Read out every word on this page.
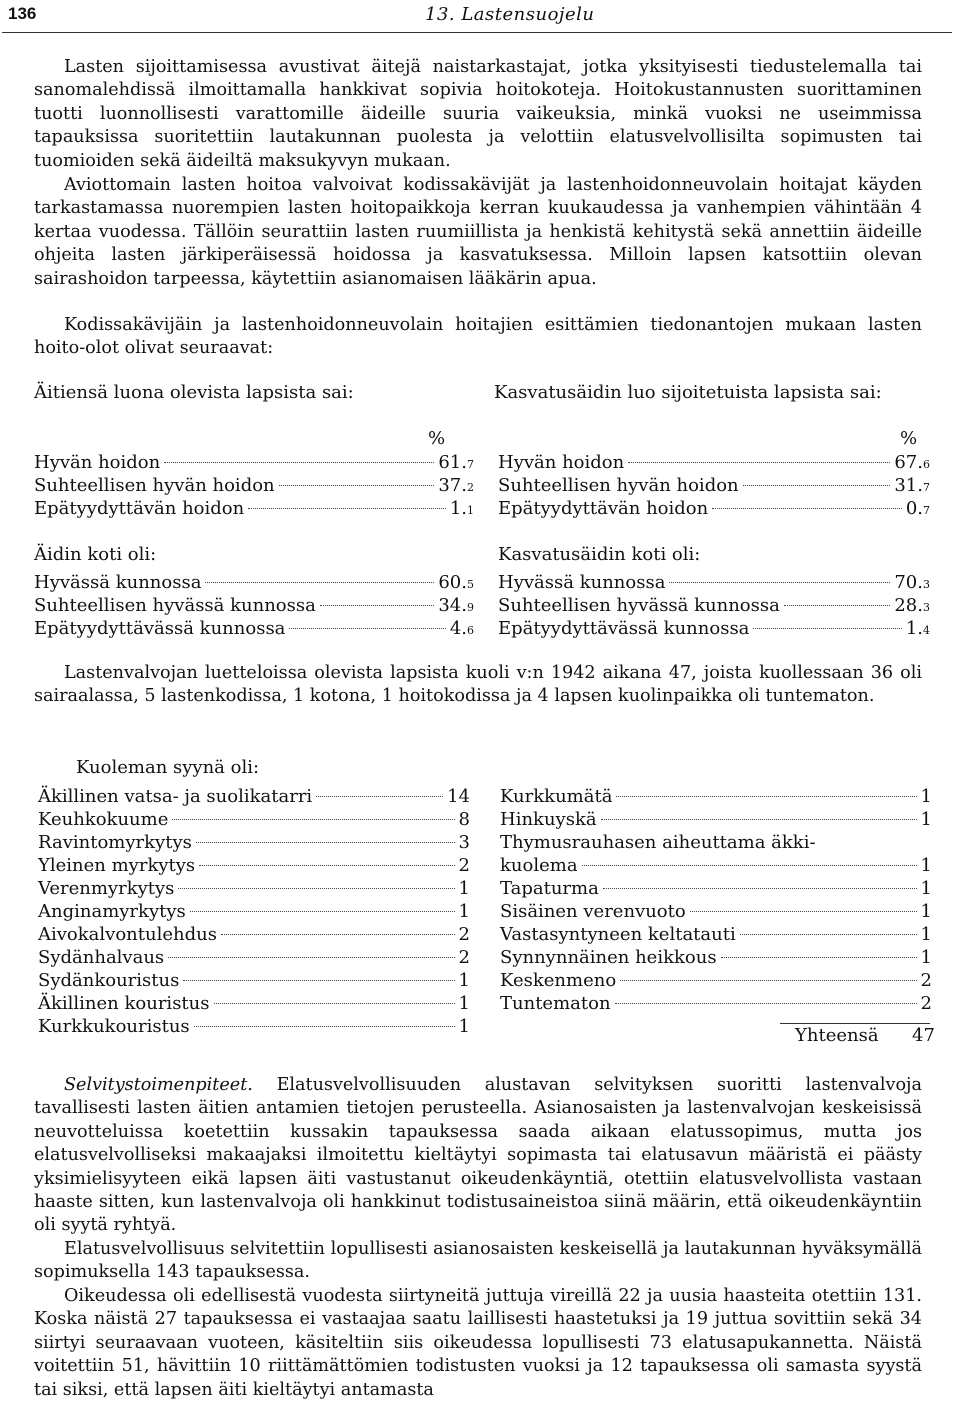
136	13. Lastensuojelu

Lasten sijoittamisessa avustivat äitejä naistarkastajat, jotka yksityisesti tiedustelemalla tai sanomalehdissä ilmoittamalla hankkivat sopivia hoitokoteja. Hoitokustannusten suorittaminen tuotti luonnollisesti varattomille äideille suuria vaikeuksia, minkä vuoksi ne useimmissa tapauksissa suoritettiin lautakunnan puolesta ja velottiin elatusvelvollisilta sopimusten tai tuomioiden sekä äideiltä maksukyvyn mukaan.

Aviottomain lasten hoitoa valvoivat kodissakävijät ja lastenhoidonneuvolain hoitajat käyden tarkastamassa nuorempien lasten hoitopaikkoja kerran kuukaudessa ja vanhempien vähintään 4 kertaa vuodessa. Tällöin seurattiin lasten ruumiillista ja henkistä kehitystä sekä annettiin äideille ohjeita lasten järkiperäisessä hoidossa ja kasvatuksessa. Milloin lapsen katsottiin olevan sairashoidon tarpeessa, käytettiin asianomaisen lääkärin apua.

Kodissakävijäin ja lastenhoidonneuvolain hoitajien esittämien tiedonantojen mukaan lasten hoito-olot olivat seuraavat:

Äitiensä luona olevista lapsista sai:
%
Hyvän hoidon	61.7
Suhteellisen hyvän hoidon	37.2
Epätyydyttävän hoidon	1.1
Äidin koti oli:
Hyvässä kunnossa	60.5
Suhteellisen hyvässä kunnossa	34.9
Epätyydyttävässä kunnossa	4.6
Kasvatusäidin luo sijoitetuista lapsista sai:
%
Hyvän hoidon	67.6
Suhteellisen hyvän hoidon	31.7
Epätyydyttävän hoidon	0.7
Kasvatusäidin koti oli:
Hyvässä kunnossa	70.3
Suhteellisen hyvässä kunnossa	28.3
Epätyydyttävässä kunnossa	1.4

Lastenvalvojan luetteloissa olevista lapsista kuoli v:n 1942 aikana 47, joista kuollessaan 36 oli sairaalassa, 5 lastenkodissa, 1 kotona, 1 hoitokodissa ja 4 lapsen kuolinpaikka oli tuntematon.

Kuoleman syynä oli:
Äkillinen vatsa- ja suolikatarri	14
Keuhkokuume	8
Ravintomyrkytys	3
Yleinen myrkytys	2
Verenmyrkytys	1
Anginamyrkytys	1
Aivokalvontulehdus	2
Sydänhalvaus	2
Sydänkouristus	1
Äkillinen kouristus	1
Kurkkukouristus	1
Kurkkumätä	1
Hinkuyskä	1
Thymusrauhasen aiheuttama äkki-
kuolema	1
Tapaturma	1
Sisäinen verenvuoto	1
Vastasyntyneen keltatauti	1
Synnynnäinen heikkous	1
Keskenmeno	2
Tuntematon	2
Yhteensä 47

Selvitystoimenpiteet. Elatusvelvollisuuden alustavan selvityksen suoritti lastenvalvoja tavallisesti lasten äitien antamien tietojen perusteella. Asianosaisten ja lastenvalvojan keskeisissä neuvotteluissa koetettiin kussakin tapauksessa saada aikaan elatussopimus, mutta jos elatusvelvolliseksi makaajaksi ilmoitettu kieltäytyi sopimasta tai elatusavun määristä ei päästy yksimielisyyteen eikä lapsen äiti vastustanut oikeudenkäyntiä, otettiin elatusvelvollista vastaan haaste sitten, kun lastenvalvoja oli hankkinut todistusaineistoa siinä määrin, että oikeudenkäyntiin oli syytä ryhtyä.

Elatusvelvollisuus selvitettiin lopullisesti asianosaisten keskeisellä ja lautakunnan hyväksymällä sopimuksella 143 tapauksessa.

Oikeudessa oli edellisestä vuodesta siirtyneitä juttuja vireillä 22 ja uusia haasteita otettiin 131. Koska näistä 27 tapauksessa ei vastaajaa saatu laillisesti haastetuksi ja 19 juttua sovittiin sekä 34 siirtyi seuraavaan vuoteen, käsiteltiin siis oikeudessa lopullisesti 73 elatusapukannetta. Näistä voitettiin 51, hävittiin 10 riittämättömien todistusten vuoksi ja 12 tapauksessa oli samasta syystä tai siksi, että lapsen äiti kieltäytyi antamasta
